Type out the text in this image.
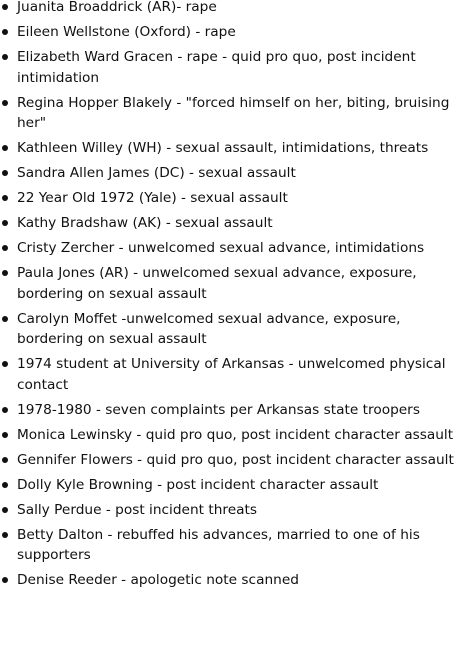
Juanita Broaddrick (AR)- rape
Eileen Wellstone (Oxford) - rape
Elizabeth Ward Gracen - rape - quid pro quo, post incident intimidation
Regina Hopper Blakely - "forced himself on her, biting, bruising her"
Kathleen Willey (WH) - sexual assault, intimidations, threats
Sandra Allen James (DC) - sexual assault
22 Year Old 1972 (Yale) - sexual assault
Kathy Bradshaw (AK) - sexual assault
Cristy Zercher - unwelcomed sexual advance, intimidations
Paula Jones (AR) - unwelcomed sexual advance, exposure, bordering on sexual assault
Carolyn Moffet -unwelcomed sexual advance, exposure, bordering on sexual assault
1974 student at University of Arkansas - unwelcomed physical contact
1978-1980 - seven complaints per Arkansas state troopers
Monica Lewinsky - quid pro quo, post incident character assault
Gennifer Flowers - quid pro quo, post incident character assault
Dolly Kyle Browning - post incident character assault
Sally Perdue - post incident threats
Betty Dalton - rebuffed his advances, married to one of his supporters
Denise Reeder - apologetic note scanned
